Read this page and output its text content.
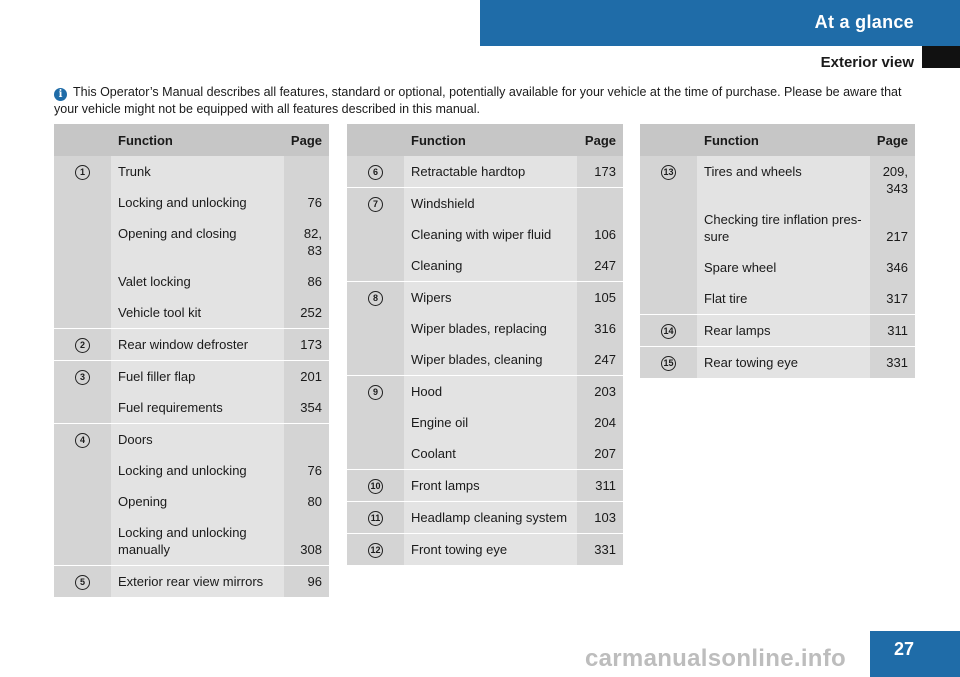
At a glance
Exterior view
i This Operator’s Manual describes all features, standard or optional, potentially available for your vehicle at the time of purchase. Please be aware that your vehicle might not be equipped with all features described in this manual.
	Function	Page
1	Trunk	

	Locking and unlocking	76

	Opening and closing	82,
83

	Valet locking	86

	Vehicle tool kit	252

2	Rear window defroster	173

3	Fuel filler flap	201

	Fuel requirements	354

4	Doors	

	Locking and unlocking	76

	Opening	80

	Locking and unlocking manually	308

5	Exterior rear view mirrors	96
	Function	Page
6	Retractable hardtop	173

7	Windshield	

	Cleaning with wiper fluid	106

	Cleaning	247

8	Wipers	105

	Wiper blades, replacing	316

	Wiper blades, cleaning	247

9	Hood	203

	Engine oil	204

	Coolant	207

10	Front lamps	311

11	Headlamp cleaning system	103

12	Front towing eye	331
	Function	Page
13	Tires and wheels	209,
343

	Checking tire inflation pres-
sure	217

	Spare wheel	346

	Flat tire	317

14	Rear lamps	311

15	Rear towing eye	331
27
carmanualsonline.info
